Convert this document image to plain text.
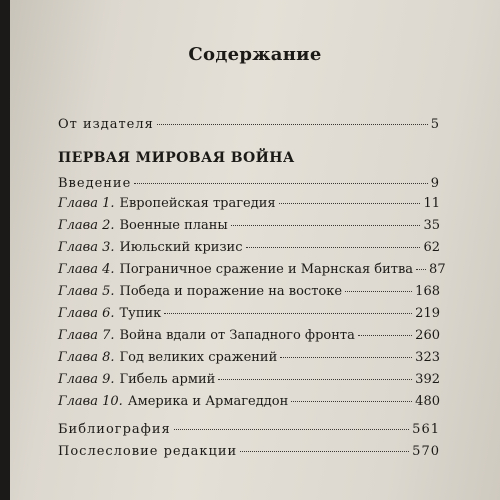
Содержание
От издателя	5
ПЕРВАЯ МИРОВАЯ ВОЙНА
Введение	9
Глава 1. Европейская трагедия	11
Глава 2. Военные планы	35
Глава 3. Июльский кризис	62
Глава 4. Пограничное сражение и Марнская битва 87
Глава 5. Победа и поражение на востоке	168
Глава 6. Тупик	219
Глава 7. Война вдали от Западного фронта	260
Глава 8. Год великих сражений	323
Глава 9. Гибель армий	392
Глава 10. Америка и Армагеддон	480
Библиография	561
Послесловие редакции	570
